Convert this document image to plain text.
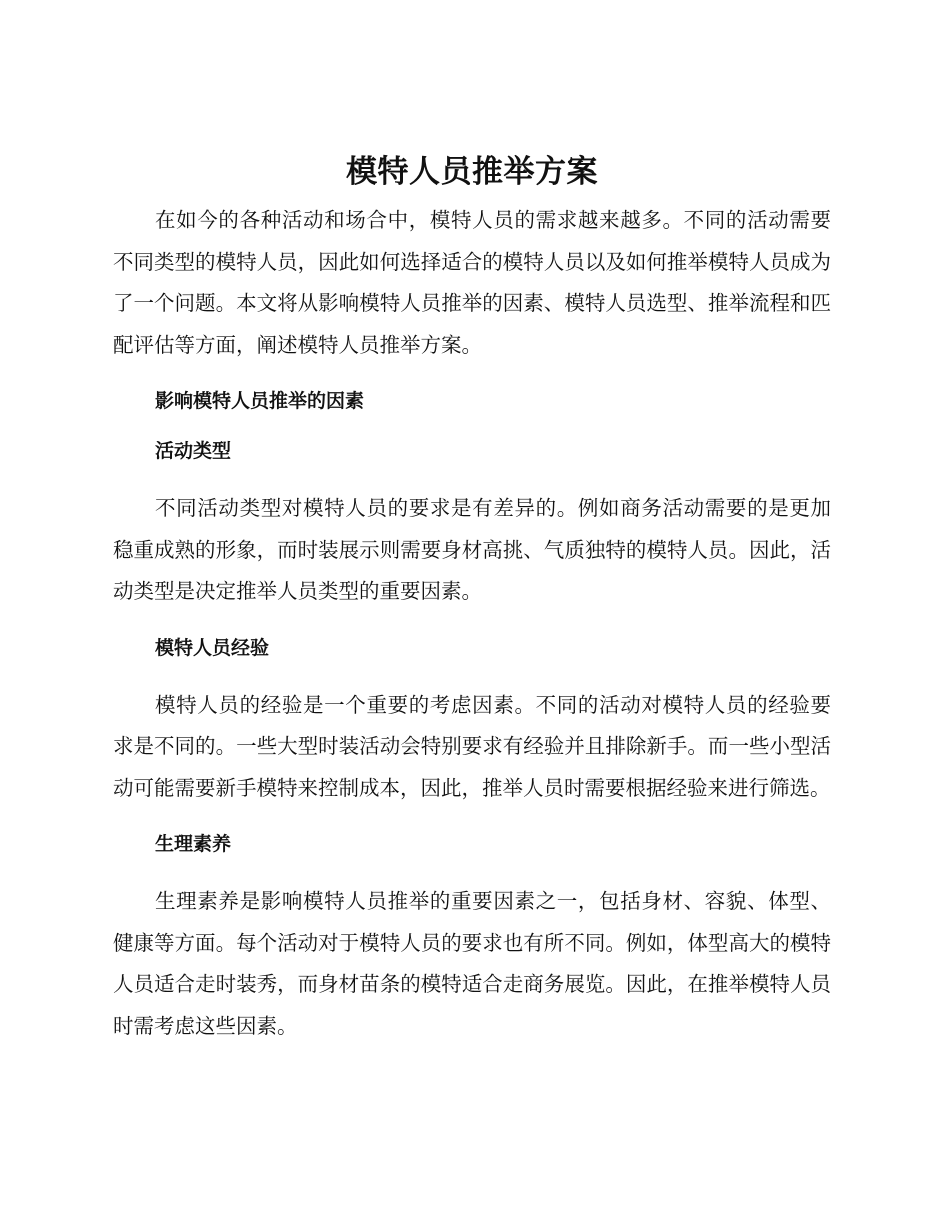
模特人员推举方案

在如今的各种活动和场合中，模特人员的需求越来越多。不同的活动需要不同类型的模特人员，因此如何选择适合的模特人员以及如何推举模特人员成为了一个问题。本文将从影响模特人员推举的因素、模特人员选型、推举流程和匹配评估等方面，阐述模特人员推举方案。

影响模特人员推举的因素
活动类型

不同活动类型对模特人员的要求是有差异的。例如商务活动需要的是更加稳重成熟的形象，而时装展示则需要身材高挑、气质独特的模特人员。因此，活动类型是决定推举人员类型的重要因素。

模特人员经验

模特人员的经验是一个重要的考虑因素。不同的活动对模特人员的经验要求是不同的。一些大型时装活动会特别要求有经验并且排除新手。而一些小型活动可能需要新手模特来控制成本，因此，推举人员时需要根据经验来进行筛选。

生理素养

生理素养是影响模特人员推举的重要因素之一，包括身材、容貌、体型、健康等方面。每个活动对于模特人员的要求也有所不同。例如，体型高大的模特人员适合走时装秀，而身材苗条的模特适合走商务展览。因此，在推举模特人员时需考虑这些因素。
